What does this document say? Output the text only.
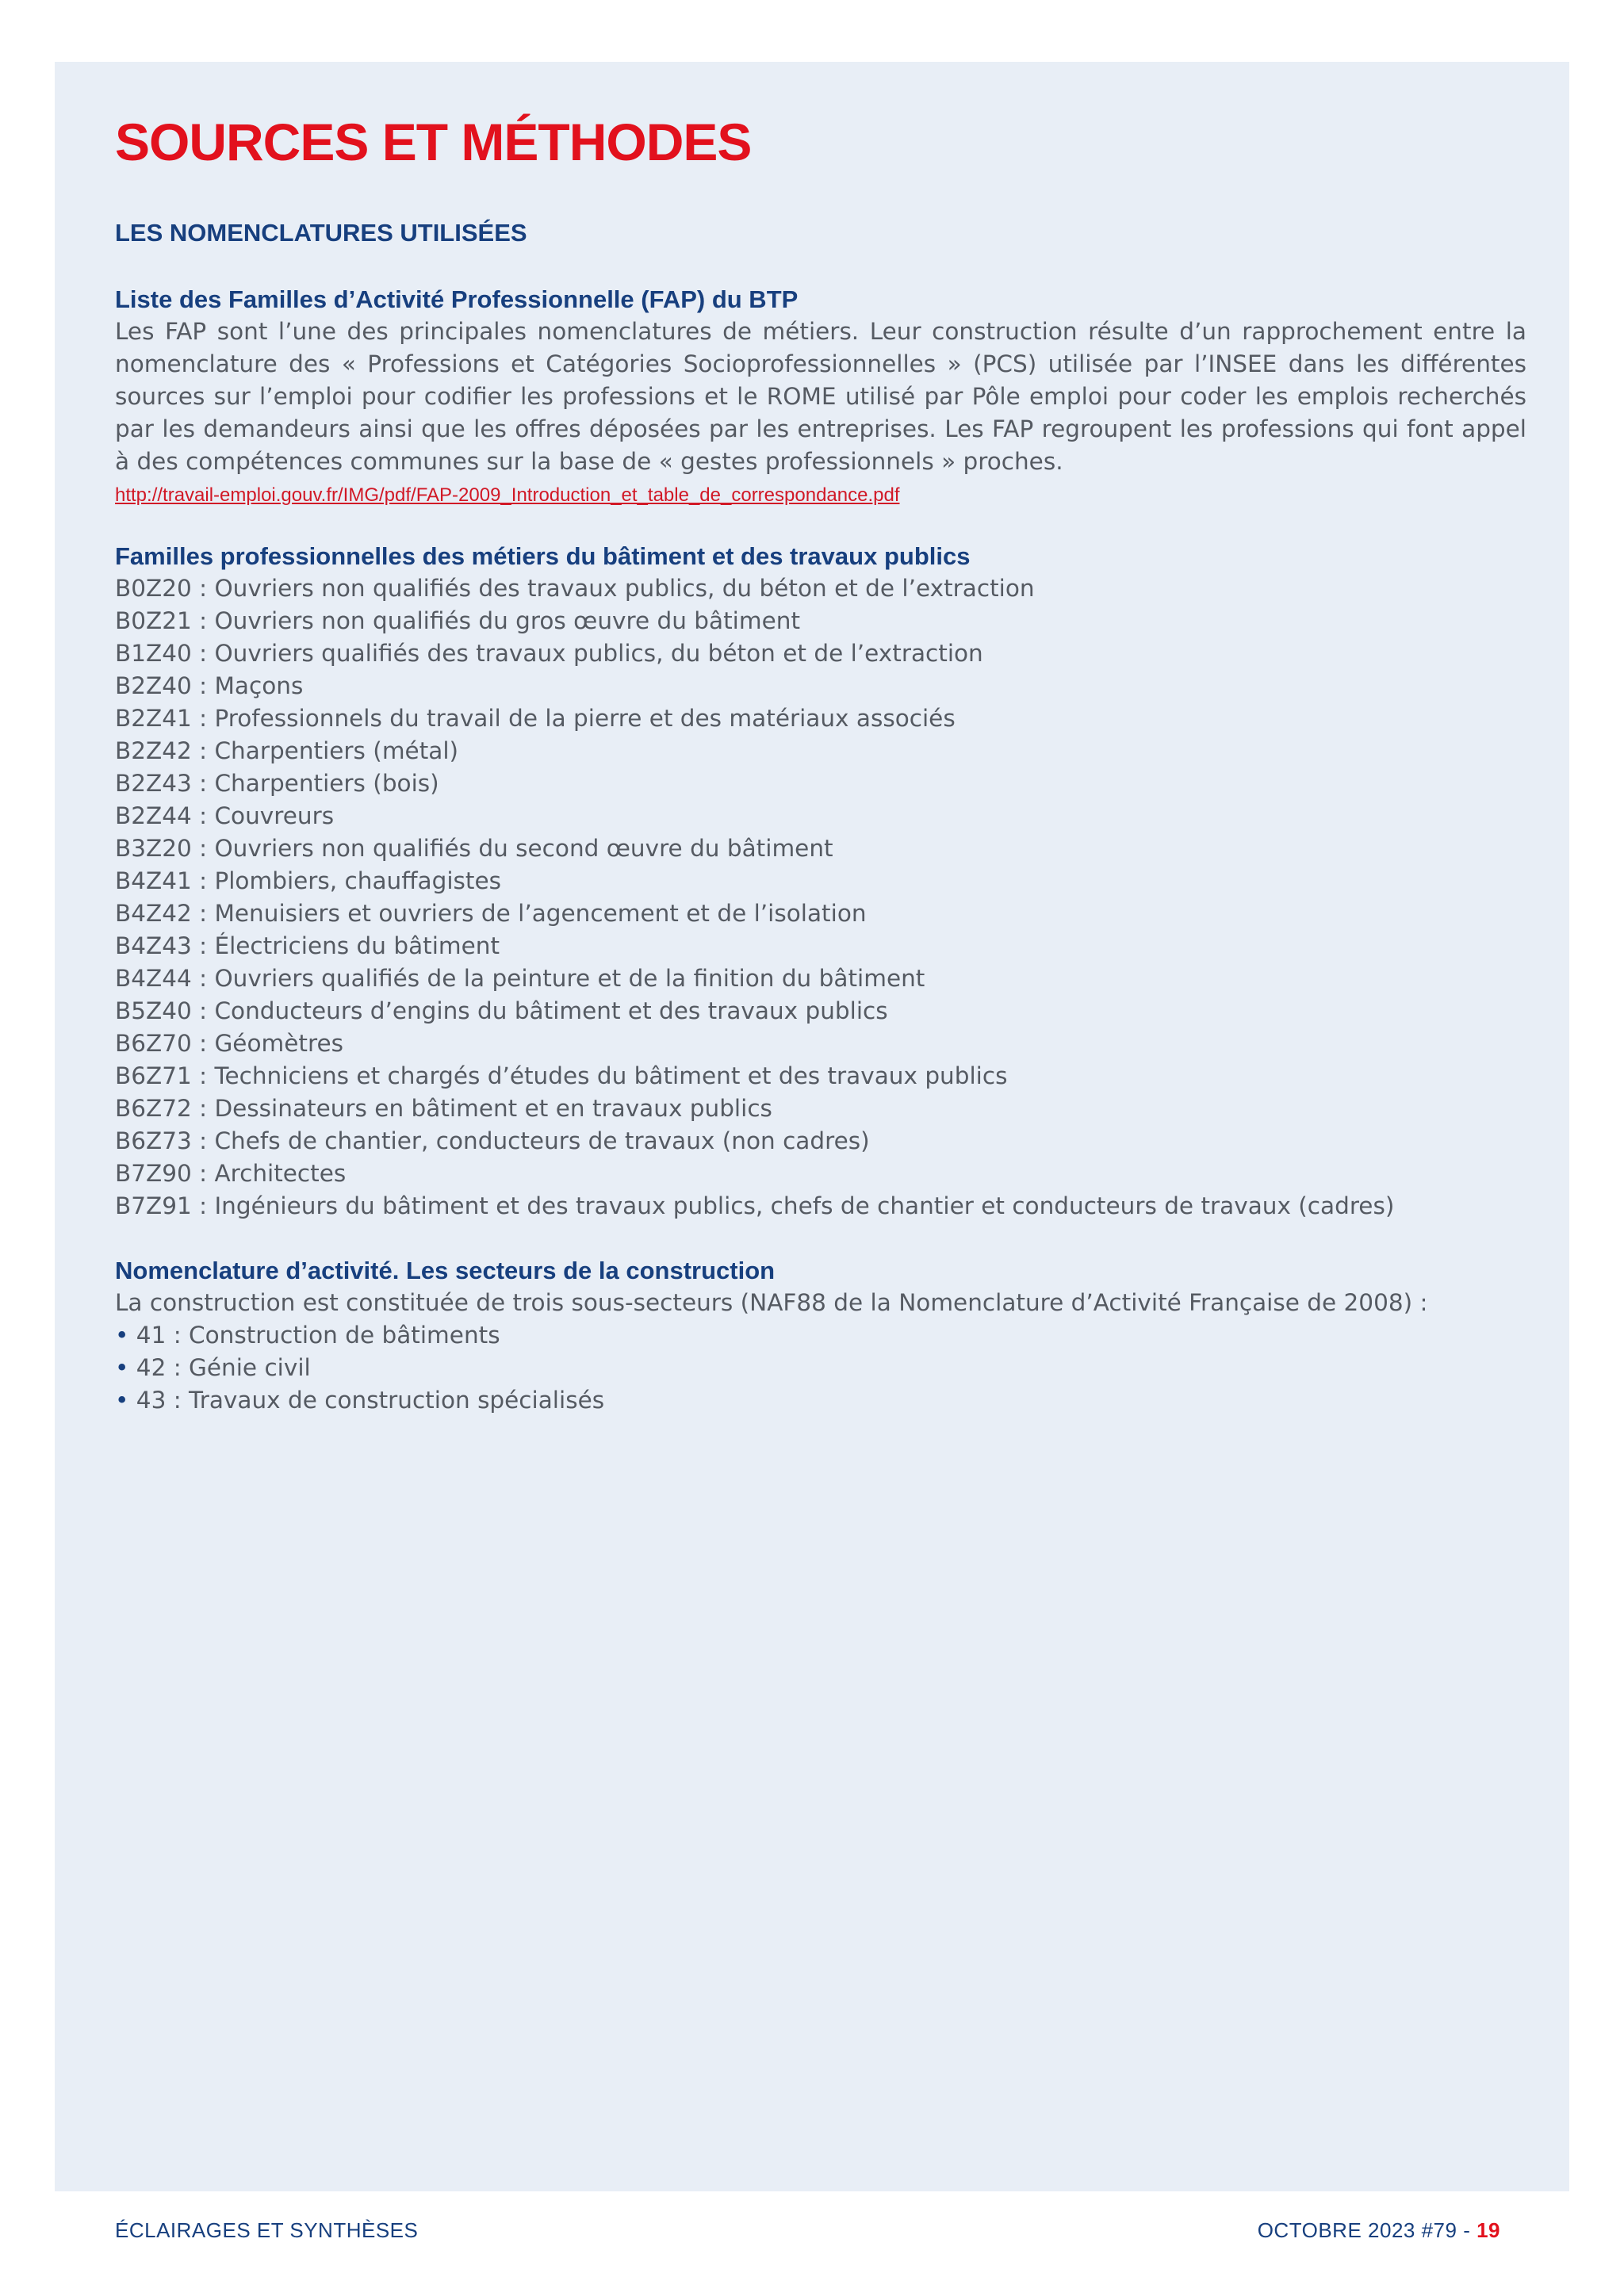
SOURCES ET MÉTHODES
LES NOMENCLATURES UTILISÉES
Liste des Familles d’Activité Professionnelle (FAP) du BTP

Les FAP sont l’une des principales nomenclatures de métiers. Leur construction résulte d’un rapprochement entre la nomenclature des « Professions et Catégories Socioprofessionnelles » (PCS) utilisée par l’INSEE dans les différentes sources sur l’emploi pour codifier les professions et le ROME utilisé par Pôle emploi pour coder les emplois recherchés par les demandeurs ainsi que les offres déposées par les entreprises. Les FAP regroupent les professions qui font appel à des compétences communes sur la base de « gestes professionnels » proches.

http://travail-emploi.gouv.fr/IMG/pdf/FAP-2009_Introduction_et_table_de_correspondance.pdf
Familles professionnelles des métiers du bâtiment et des travaux publics
B0Z20 : Ouvriers non qualifiés des travaux publics, du béton et de l’extraction
B0Z21 : Ouvriers non qualifiés du gros œuvre du bâtiment
B1Z40 : Ouvriers qualifiés des travaux publics, du béton et de l’extraction
B2Z40 : Maçons
B2Z41 : Professionnels du travail de la pierre et des matériaux associés
B2Z42 : Charpentiers (métal)
B2Z43 : Charpentiers (bois)
B2Z44 : Couvreurs
B3Z20 : Ouvriers non qualifiés du second œuvre du bâtiment
B4Z41 : Plombiers, chauffagistes
B4Z42 : Menuisiers et ouvriers de l’agencement et de l’isolation
B4Z43 : Électriciens du bâtiment
B4Z44 : Ouvriers qualifiés de la peinture et de la finition du bâtiment
B5Z40 : Conducteurs d’engins du bâtiment et des travaux publics
B6Z70 : Géomètres
B6Z71 : Techniciens et chargés d’études du bâtiment et des travaux publics
B6Z72 : Dessinateurs en bâtiment et en travaux publics
B6Z73 : Chefs de chantier, conducteurs de travaux (non cadres)
B7Z90 : Architectes
B7Z91 : Ingénieurs du bâtiment et des travaux publics, chefs de chantier et conducteurs de travaux (cadres)
Nomenclature d’activité. Les secteurs de la construction
La construction est constituée de trois sous-secteurs (NAF88 de la Nomenclature d’Activité Française de 2008) :
• 41 : Construction de bâtiments
• 42 : Génie civil
• 43 : Travaux de construction spécialisés
ÉCLAIRAGES ET SYNTHÈSES	OCTOBRE 2023 #79 - 19
